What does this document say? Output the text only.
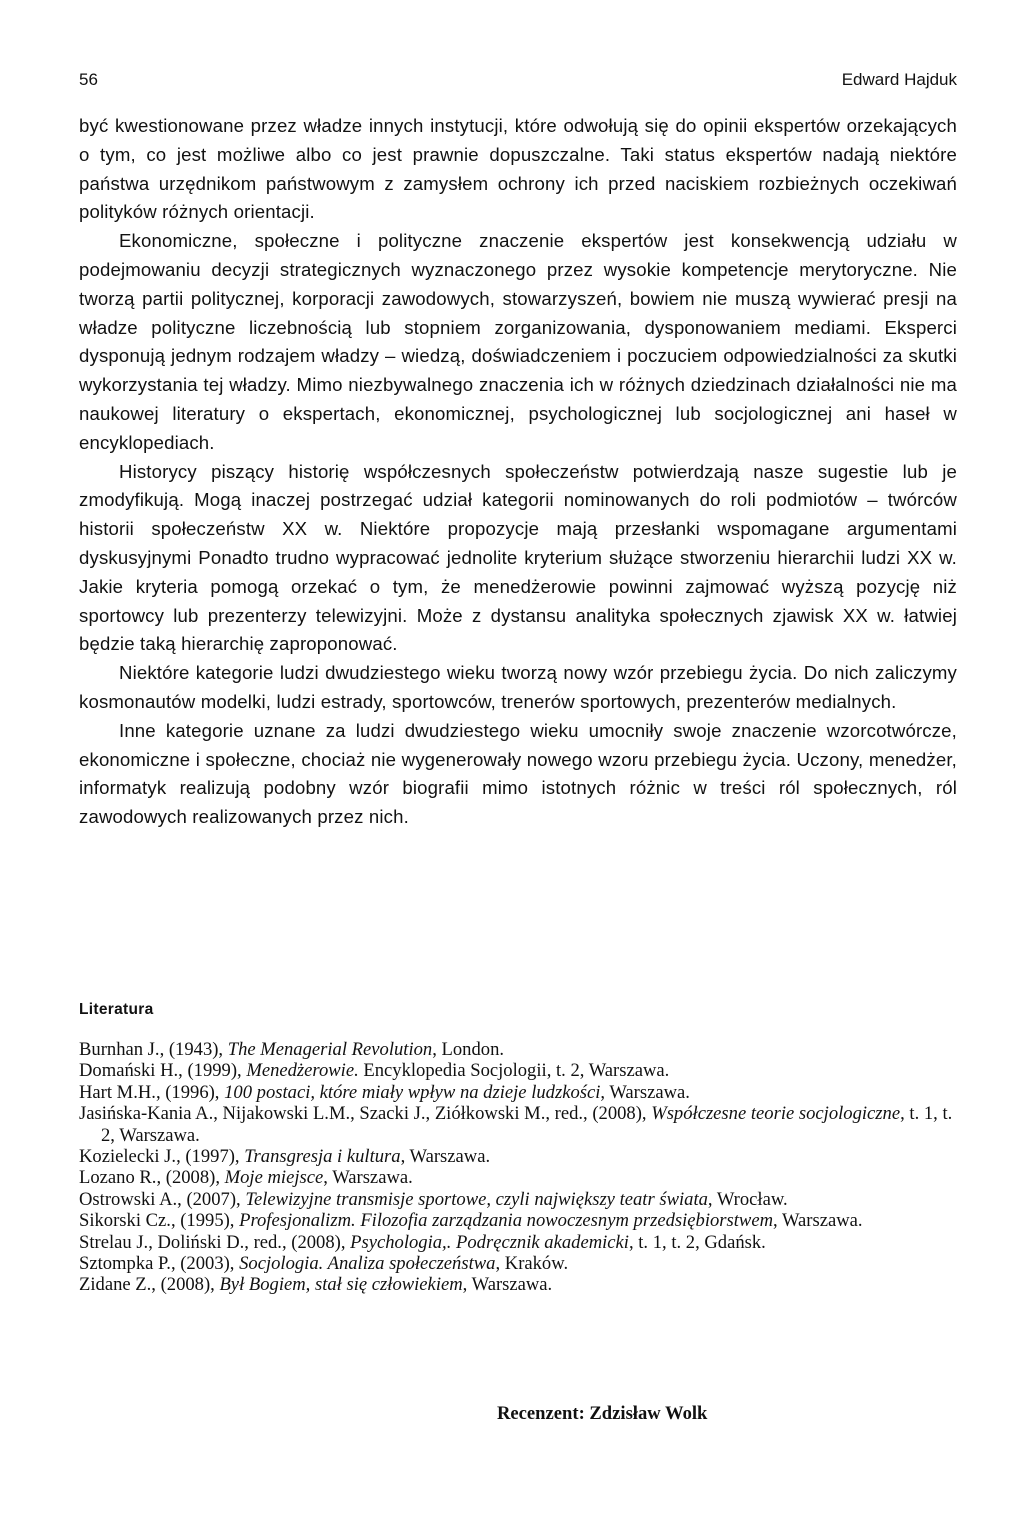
56	Edward Hajduk

być kwestionowane przez władze innych instytucji, które odwołują się do opinii ekspertów orzekających o tym, co jest możliwe albo co jest prawnie dopuszczalne. Taki status ekspertów nadają niektóre państwa urzędnikom państwowym z zamysłem ochrony ich przed naciskiem rozbieżnych oczekiwań polityków różnych orientacji.

Ekonomiczne, społeczne i polityczne znaczenie ekspertów jest konsekwencją udziału w podejmowaniu decyzji strategicznych wyznaczonego przez wysokie kompetencje merytoryczne. Nie tworzą partii politycznej, korporacji zawodowych, stowarzyszeń, bowiem nie muszą wywierać presji na władze polityczne liczebnością lub stopniem zorganizowania, dysponowaniem mediami. Eksperci dysponują jednym rodzajem władzy – wiedzą, doświadczeniem i poczuciem odpowiedzialności za skutki wykorzystania tej władzy. Mimo niezbywalnego znaczenia ich w różnych dziedzinach działalności nie ma naukowej literatury o ekspertach, ekonomicznej, psychologicznej lub socjologicznej ani haseł w encyklopediach.

Historycy piszący historię współczesnych społeczeństw potwierdzają nasze sugestie lub je zmodyfikują. Mogą inaczej postrzegać udział kategorii nominowanych do roli podmiotów – twórców historii społeczeństw XX w. Niektóre propozycje mają przesłanki wspomagane argumentami dyskusyjnymi Ponadto trudno wypracować jednolite kryterium służące stworzeniu hierarchii ludzi XX w. Jakie kryteria pomogą orzekać o tym, że menedżerowie powinni zajmować wyższą pozycję niż sportowcy lub prezenterzy telewizyjni. Może z dystansu analityka społecznych zjawisk XX w. łatwiej będzie taką hierarchię zaproponować.

Niektóre kategorie ludzi dwudziestego wieku tworzą nowy wzór przebiegu życia. Do nich zaliczymy kosmonautów modelki, ludzi estrady, sportowców, trenerów sportowych, prezenterów medialnych.

Inne kategorie uznane za ludzi dwudziestego wieku umocniły swoje znaczenie wzorcotwórcze, ekonomiczne i społeczne, chociaż nie wygenerowały nowego wzoru przebiegu życia. Uczony, menedżer, informatyk realizują podobny wzór biografii mimo istotnych różnic w treści ról społecznych, ról zawodowych realizowanych przez nich.

Literatura
Burnhan J., (1943), The Menagerial Revolution, London.
Domański H., (1999), Menedżerowie. Encyklopedia Socjologii, t. 2, Warszawa.
Hart M.H., (1996), 100 postaci, które miały wpływ na dzieje ludzkości, Warszawa.
Jasińska-Kania A., Nijakowski L.M., Szacki J., Ziółkowski M., red., (2008), Współczesne teorie socjologiczne, t. 1, t. 2, Warszawa.
Kozielecki J., (1997), Transgresja i kultura, Warszawa.
Lozano R., (2008), Moje miejsce, Warszawa.
Ostrowski A., (2007), Telewizyjne transmisje sportowe, czyli największy teatr świata, Wrocław.
Sikorski Cz., (1995), Profesjonalizm. Filozofia zarządzania nowoczesnym przedsiębiorstwem, Warszawa.
Strelau J., Doliński D., red., (2008), Psychologia,. Podręcznik akademicki, t. 1, t. 2, Gdańsk.
Sztompka P., (2003), Socjologia. Analiza społeczeństwa, Kraków.
Zidane Z., (2008), Był Bogiem, stał się człowiekiem, Warszawa.
Recenzent: Zdzisław Wolk
